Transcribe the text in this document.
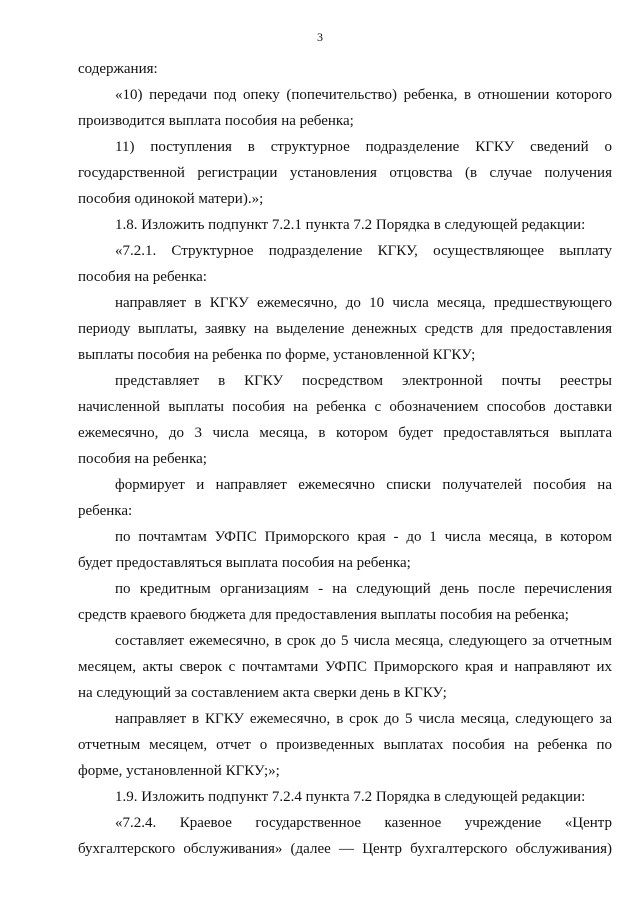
3
содержания:
«10) передачи под опеку (попечительство) ребенка, в отношении которого
производится выплата пособия на ребенка;
11) поступления в структурное подразделение КГКУ сведений о
государственной регистрации установления отцовства (в случае получения
пособия одинокой матери).»;
1.8. Изложить подпункт 7.2.1 пункта 7.2 Порядка в следующей редакции:
«7.2.1. Структурное подразделение КГКУ, осуществляющее выплату
пособия на ребенка:
направляет в КГКУ ежемесячно, до 10 числа месяца, предшествующего
периоду выплаты, заявку на выделение денежных средств для предоставления
выплаты пособия на ребенка по форме, установленной КГКУ;
представляет в КГКУ посредством электронной почты реестры
начисленной выплаты пособия на ребенка с обозначением способов доставки
ежемесячно, до 3 числа месяца, в котором будет предоставляться выплата
пособия на ребенка;
формирует и направляет ежемесячно списки получателей пособия на
ребенка:
по почтамтам УФПС Приморского края - до 1 числа месяца, в котором
будет предоставляться выплата пособия на ребенка;
по кредитным организациям - на следующий день после перечисления
средств краевого бюджета для предоставления выплаты пособия на ребенка;
составляет ежемесячно, в срок до 5 числа месяца, следующего за отчетным
месяцем, акты сверок с почтамтами УФПС Приморского края и направляют их
на следующий за составлением акта сверки день в КГКУ;
направляет в КГКУ ежемесячно, в срок до 5 числа месяца, следующего за
отчетным месяцем, отчет о произведенных выплатах пособия на ребенка по
форме, установленной КГКУ;»;
1.9. Изложить подпункт 7.2.4 пункта 7.2 Порядка в следующей редакции:
«7.2.4. Краевое государственное казенное учреждение «Центр
бухгалтерского обслуживания» (далее — Центр бухгалтерского обслуживания)
